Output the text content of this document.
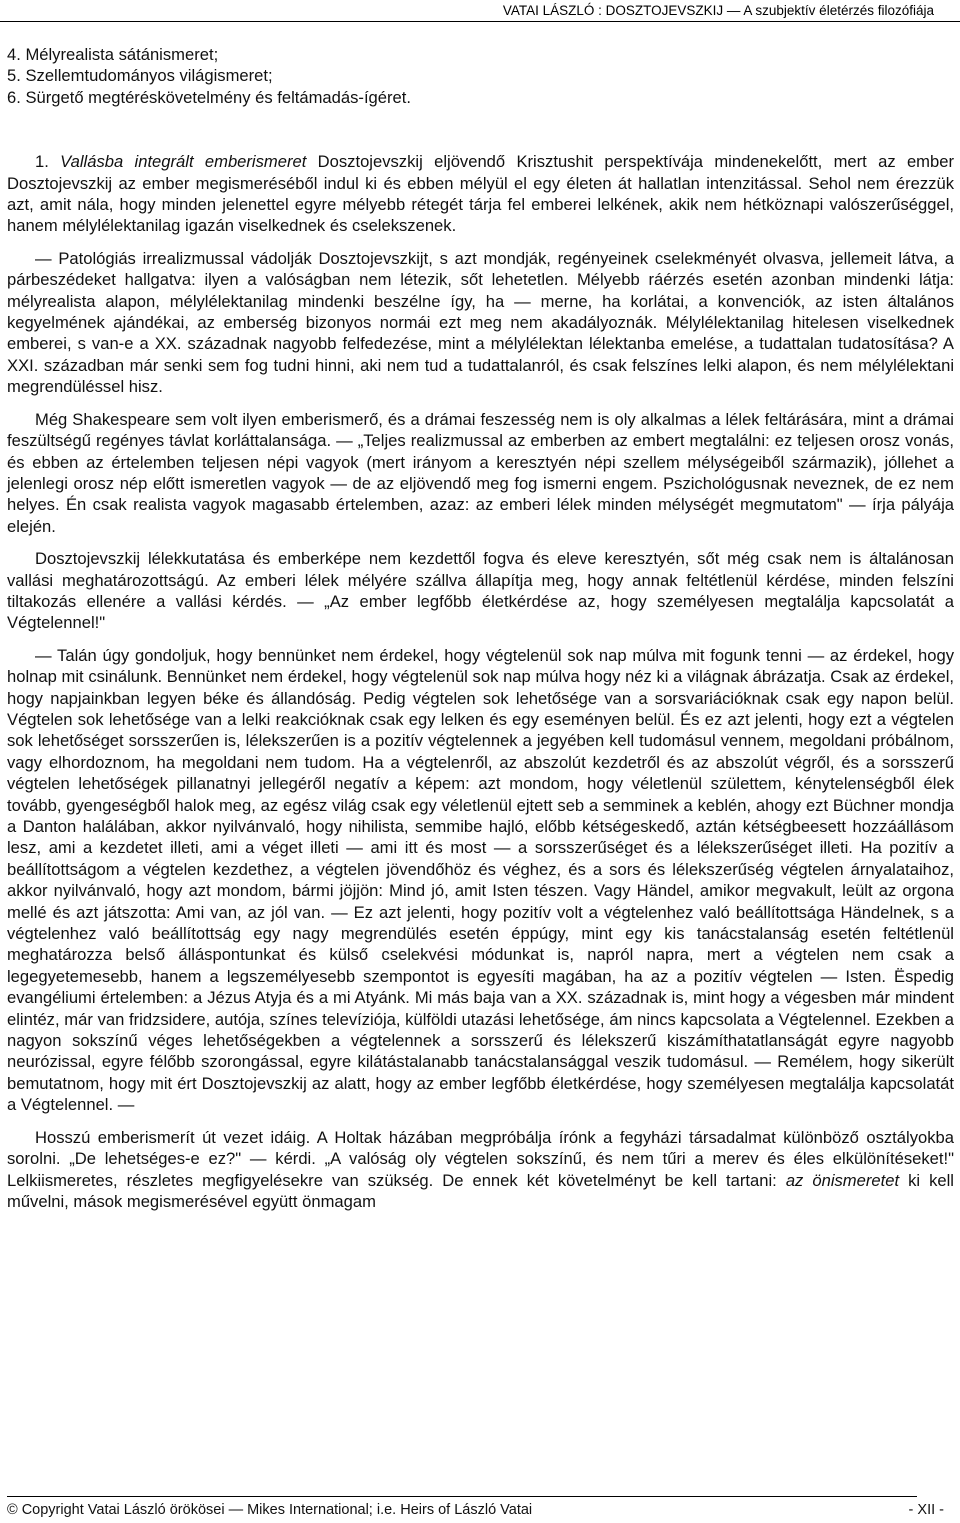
VATAI LÁSZLÓ : DOSZTOJEVSZKIJ — A szubjektív életérzés filozófiája

4. Mélyrealista sátánismeret;

5. Szellemtudományos világismeret;

6. Sürgető megtéréskövetelmény és feltámadás-ígéret.

1. Vallásba integrált emberismeret Dosztojevszkij eljövendő Krisztushit perspektívája mindenekelőtt, mert az ember Dosztojevszkij az ember megismeréséből indul ki és ebben mélyül el egy életen át hallatlan intenzitással. Sehol nem érezzük azt, amit nála, hogy minden jelenettel egyre mélyebb rétegét tárja fel emberei lelkének, akik nem hétköznapi valószerűséggel, hanem mélylélektanilag igazán viselkednek és cselekszenek.

— Patológiás irrealizmussal vádolják Dosztojevszkijt, s azt mondják, regényeinek cselekményét olvasva, jellemeit látva, a párbeszédeket hallgatva: ilyen a valóságban nem létezik, sőt lehetetlen. Mélyebb ráérzés esetén azonban mindenki látja: mélyrealista alapon, mélylélektanilag mindenki beszélne így, ha — merne, ha korlátai, a konvenciók, az isten általános kegyelmének ajándékai, az emberség bizonyos normái ezt meg nem akadályoznák. Mélylélektanilag hitelesen viselkednek emberei, s van-e a XX. századnak nagyobb felfedezése, mint a mélylélektan lélektanba emelése, a tudattalan tudatosítása? A XXI. században már senki sem fog tudni hinni, aki nem tud a tudattalanról, és csak felszínes lelki alapon, és nem mélylélektani megrendüléssel hisz.

Még Shakespeare sem volt ilyen emberismerő, és a drámai feszesség nem is oly alkalmas a lélek feltárására, mint a drámai feszültségű regényes távlat korláttalansága. — „Teljes realizmussal az emberben az embert megtalálni: ez teljesen orosz vonás, és ebben az értelemben teljesen népi vagyok (mert irányom a keresztyén népi szellem mélységeiből származik), jóllehet a jelenlegi orosz nép előtt ismeretlen vagyok — de az eljövendő meg fog ismerni engem. Pszichológusnak neveznek, de ez nem helyes. Én csak realista vagyok magasabb értelemben, azaz: az emberi lélek minden mélységét megmutatom" — írja pályája elején.

Dosztojevszkij lélekkutatása és emberképe nem kezdettől fogva és eleve keresztyén, sőt még csak nem is általánosan vallási meghatározottságú. Az emberi lélek mélyére szállva állapítja meg, hogy annak feltétlenül kérdése, minden felszíni tiltakozás ellenére a vallási kérdés. — „Az ember legfőbb életkérdése az, hogy személyesen megtalálja kapcsolatát a Végtelennel!"

— Talán úgy gondoljuk, hogy bennünket nem érdekel, hogy végtelenül sok nap múlva mit fogunk tenni — az érdekel, hogy holnap mit csinálunk. Bennünket nem érdekel, hogy végtelenül sok nap múlva hogy néz ki a világnak ábrázatja. Csak az érdekel, hogy napjainkban legyen béke és állandóság. Pedig végtelen sok lehetősége van a sorsvariációknak csak egy napon belül. Végtelen sok lehetősége van a lelki reakcióknak csak egy lelken és egy eseményen belül. És ez azt jelenti, hogy ezt a végtelen sok lehetőséget sorsszerűen is, lélekszerűen is a pozitív végtelennek a jegyében kell tudomásul vennem, megoldani próbálnom, vagy elhordoznom, ha megoldani nem tudom. Ha a végtelenről, az abszolút kezdetről és az abszolút végről, és a sorsszerű végtelen lehetőségek pillanatnyi jellegéről negatív a képem: azt mondom, hogy véletlenül születtem, kénytelenségből élek tovább, gyengeségből halok meg, az egész világ csak egy véletlenül ejtett seb a semminek a keblén, ahogy ezt Büchner mondja a Danton halálában, akkor nyilvánvaló, hogy nihilista, semmibe hajló, előbb kétségeskedő, aztán kétségbeesett hozzáállásom lesz, ami a kezdetet illeti, ami a véget illeti — ami itt és most — a sorsszerűséget és a lélekszerűséget illeti. Ha pozitív a beállítottságom a végtelen kezdethez, a végtelen jövendőhöz és véghez, és a sors és lélekszerűség végtelen árnyalataihoz, akkor nyilvánvaló, hogy azt mondom, bármi jöjjön: Mind jó, amit Isten tészen. Vagy Händel, amikor megvakult, leült az orgona mellé és azt játszotta: Ami van, az jól van. — Ez azt jelenti, hogy pozitív volt a végtelenhez való beállítottsága Händelnek, s a végtelenhez való beállítottság egy nagy megrendülés esetén éppúgy, mint egy kis tanácstalanság esetén feltétlenül meghatározza belső álláspontunkat és külső cselekvési módunkat is, napról napra, mert a végtelen nem csak a legegyetemesebb, hanem a legszemélyesebb szempontot is egyesíti magában, ha az a pozitív végtelen — Isten. Ëspedig evangéliumi értelemben: a Jézus Atyja és a mi Atyánk. Mi más baja van a XX. századnak is, mint hogy a végesben már mindent elintéz, már van fridzsidere, autója, színes televíziója, külföldi utazási lehetősége, ám nincs kapcsolata a Végtelennel. Ezekben a nagyon sokszínű véges lehetőségekben a végtelennek a sorsszerű és lélekszerű kiszámíthatatlanságát egyre nagyobb neurózissal, egyre félőbb szorongással, egyre kilátástalanabb tanácstalansággal veszik tudomásul. — Remélem, hogy sikerült bemutatnom, hogy mit ért Dosztojevszkij az alatt, hogy az ember legfőbb életkérdése, hogy személyesen megtalálja kapcsolatát a Végtelennel. —

Hosszú emberismerít út vezet idáig. A Holtak házában megpróbálja írónk a fegyházi társadalmat különböző osztályokba sorolni. „De lehetséges-e ez?" — kérdi. „A valóság oly végtelen sokszínű, és nem tűri a merev és éles elkülönítéseket!" Lelkiismeretes, részletes megfigyelésekre van szükség. De ennek két követelményt be kell tartani: az önismeretet ki kell művelni, mások megismerésével együtt önmagam

© Copyright Vatai László örökösei — Mikes International; i.e. Heirs of László Vatai	- XII -
